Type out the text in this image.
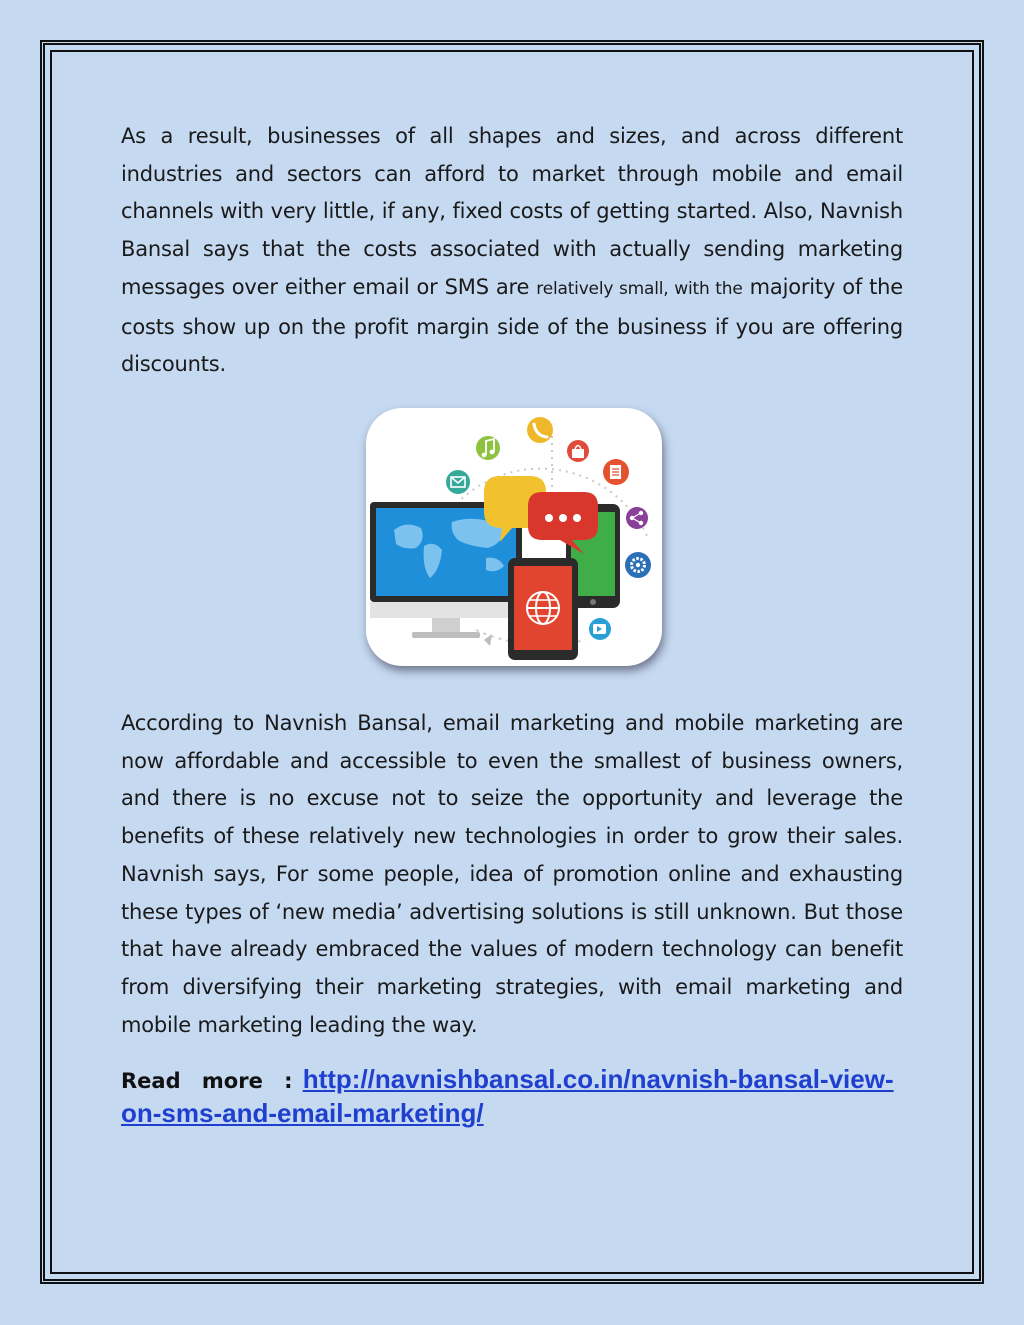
As a result, businesses of all shapes and sizes, and across different industries and sectors can afford to market through mobile and email channels with very little, if any, fixed costs of getting started. Also, Navnish Bansal says that the costs associated with actually sending marketing messages over either email or SMS are relatively small, with the majority of the costs show up on the profit margin side of the business if you are offering discounts.

According to Navnish Bansal, email marketing and mobile marketing are now affordable and accessible to even the smallest of business owners, and there is no excuse not to seize the opportunity and leverage the benefits of these relatively new technologies in order to grow their sales. Navnish says, For some people, idea of promotion online and exhausting these types of ‘new media’ advertising solutions is still unknown. But those that have already embraced the values of modern technology can benefit from diversifying their marketing strategies, with email marketing and mobile marketing leading the way.

Read more : http://navnishbansal.co.in/navnish-bansal-view-on-sms-and-email-marketing/
